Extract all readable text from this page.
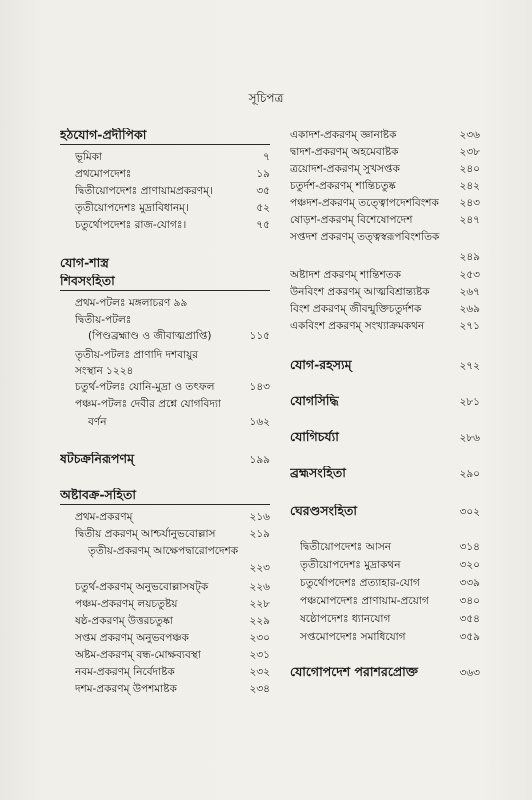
সূচিপত্র
হঠযোগ-প্রদীপিকা
ভূমিকা	৭
প্রথমোপদেশঃ	১৯
দ্বিতীয়োপদেশঃ প্রাণায়ামপ্রকরণম্।	৩৫
তৃতীয়োপদেশঃ মুদ্রাবিধানম্।	৫২
চতুর্থোপদেশঃ রাজ-যোগঃ।	৭৫
যোগ-শাস্ত্র
শিবসংহিতা
প্রথম-পটলঃ মঙ্গলাচরণ ৯৯
দ্বিতীয়-পটলঃ
(পিণ্ডব্রহ্মাণ্ড ও জীবাত্মপ্রাপ্তি)	১১৫
তৃতীয়-পটলঃ প্রাণাদি দশবায়ুর
সংস্থান ১২২৪
চতুর্থ-পটলঃ যোনি-মুদ্রা ও তৎফল	১৪৩
পঞ্চম-পটলঃ দেবীর প্রশ্নে যোগবিদ্যা
বর্ণন	১৬২
ষটচক্রনিরূপণম্	১৯৯
অষ্টাবক্র-সহিতা
প্রথম-প্রকরণম্	২১৬
দ্বিতীয় প্রকরণম্ আশ্চর্যানুভবোল্লাস	২১৯
তৃতীয়-প্রকরণম্ আক্ষেপদ্বারোপদেশক
২২৩
চতুর্থ-প্রকরণম্ অনুভবোল্লাসষট্ক	২২৬
পঞ্চম-প্রকরণম্ লয়চতুষ্টয়	২২৮
ষষ্ঠ-প্রকরণম্ উত্তরচতুষ্কা	২২৯
সপ্তম প্রকরণম্ অনুভবপঞ্চক	২৩০
অষ্টম-প্রকরণম্ বন্ধ-মোক্ষব্যবস্থা	২৩১
নবম-প্রকরণম্ নির্বেদাষ্টক	২৩২
দশম-প্রকরণম্ উপশমাষ্টক	২৩৪
একাদশ-প্রকরণম্ জ্ঞানাষ্টক	২৩৬
দ্বাদশ-প্রকরণম্ অহমেবাষ্টক	২৩৮
ত্রয়োদশ-প্রকরণম্ সুখসপ্তক	২৪০
চতুর্দশ-প্রকরণম্ শান্তিচতুষ্ক	২৪২
পঞ্চদশ-প্রকরণম্ তত্ত্বোপদেশবিংশক	২৪৩
ষোড়শ-প্রকরণম্ বিশেষোপদেশ	২৪৭
সপ্তদশ প্রকরণম্ তত্ত্বস্বরূপবিংশতিক
২৪৯
অষ্টাদশ প্রকরণম্ শান্তিশতক	২৫৩
উনবিংশ প্রকরণম্ আত্মবিশ্রান্ত্যষ্টক	২৬৭
বিংশ প্রকরণম্ জীবন্মুক্তিচতুর্দশক	২৬৯
একবিংশ প্রকরণম্ সংখ্যাক্রমকথন	২৭১
যোগ-রহস্যম্	২৭২
যোগসিদ্ধি	২৮১
যোগিচর্য্যা	২৮৬
ব্রহ্মসংহিতা	২৯০
ঘেরণ্ডসংহিতা	৩০২
দ্বিতীয়োপদেশঃ আসন	৩১৪
তৃতীয়োপদেশঃ মুদ্রাকথন	৩২০
চতুর্থোপদেশঃ প্রত্যাহার-যোগ	৩৩৯
পঞ্চমোপদেশঃ প্রাণায়াম-প্রয়োগ	৩৪০
ষষ্ঠোপদেশঃ ধ্যানযোগ	৩৫৪
সপ্তমোপদেশঃ সমাধিযোগ	৩৫৯
যোগোপদেশ পরাশরপ্রোক্ত	৩৬৩
